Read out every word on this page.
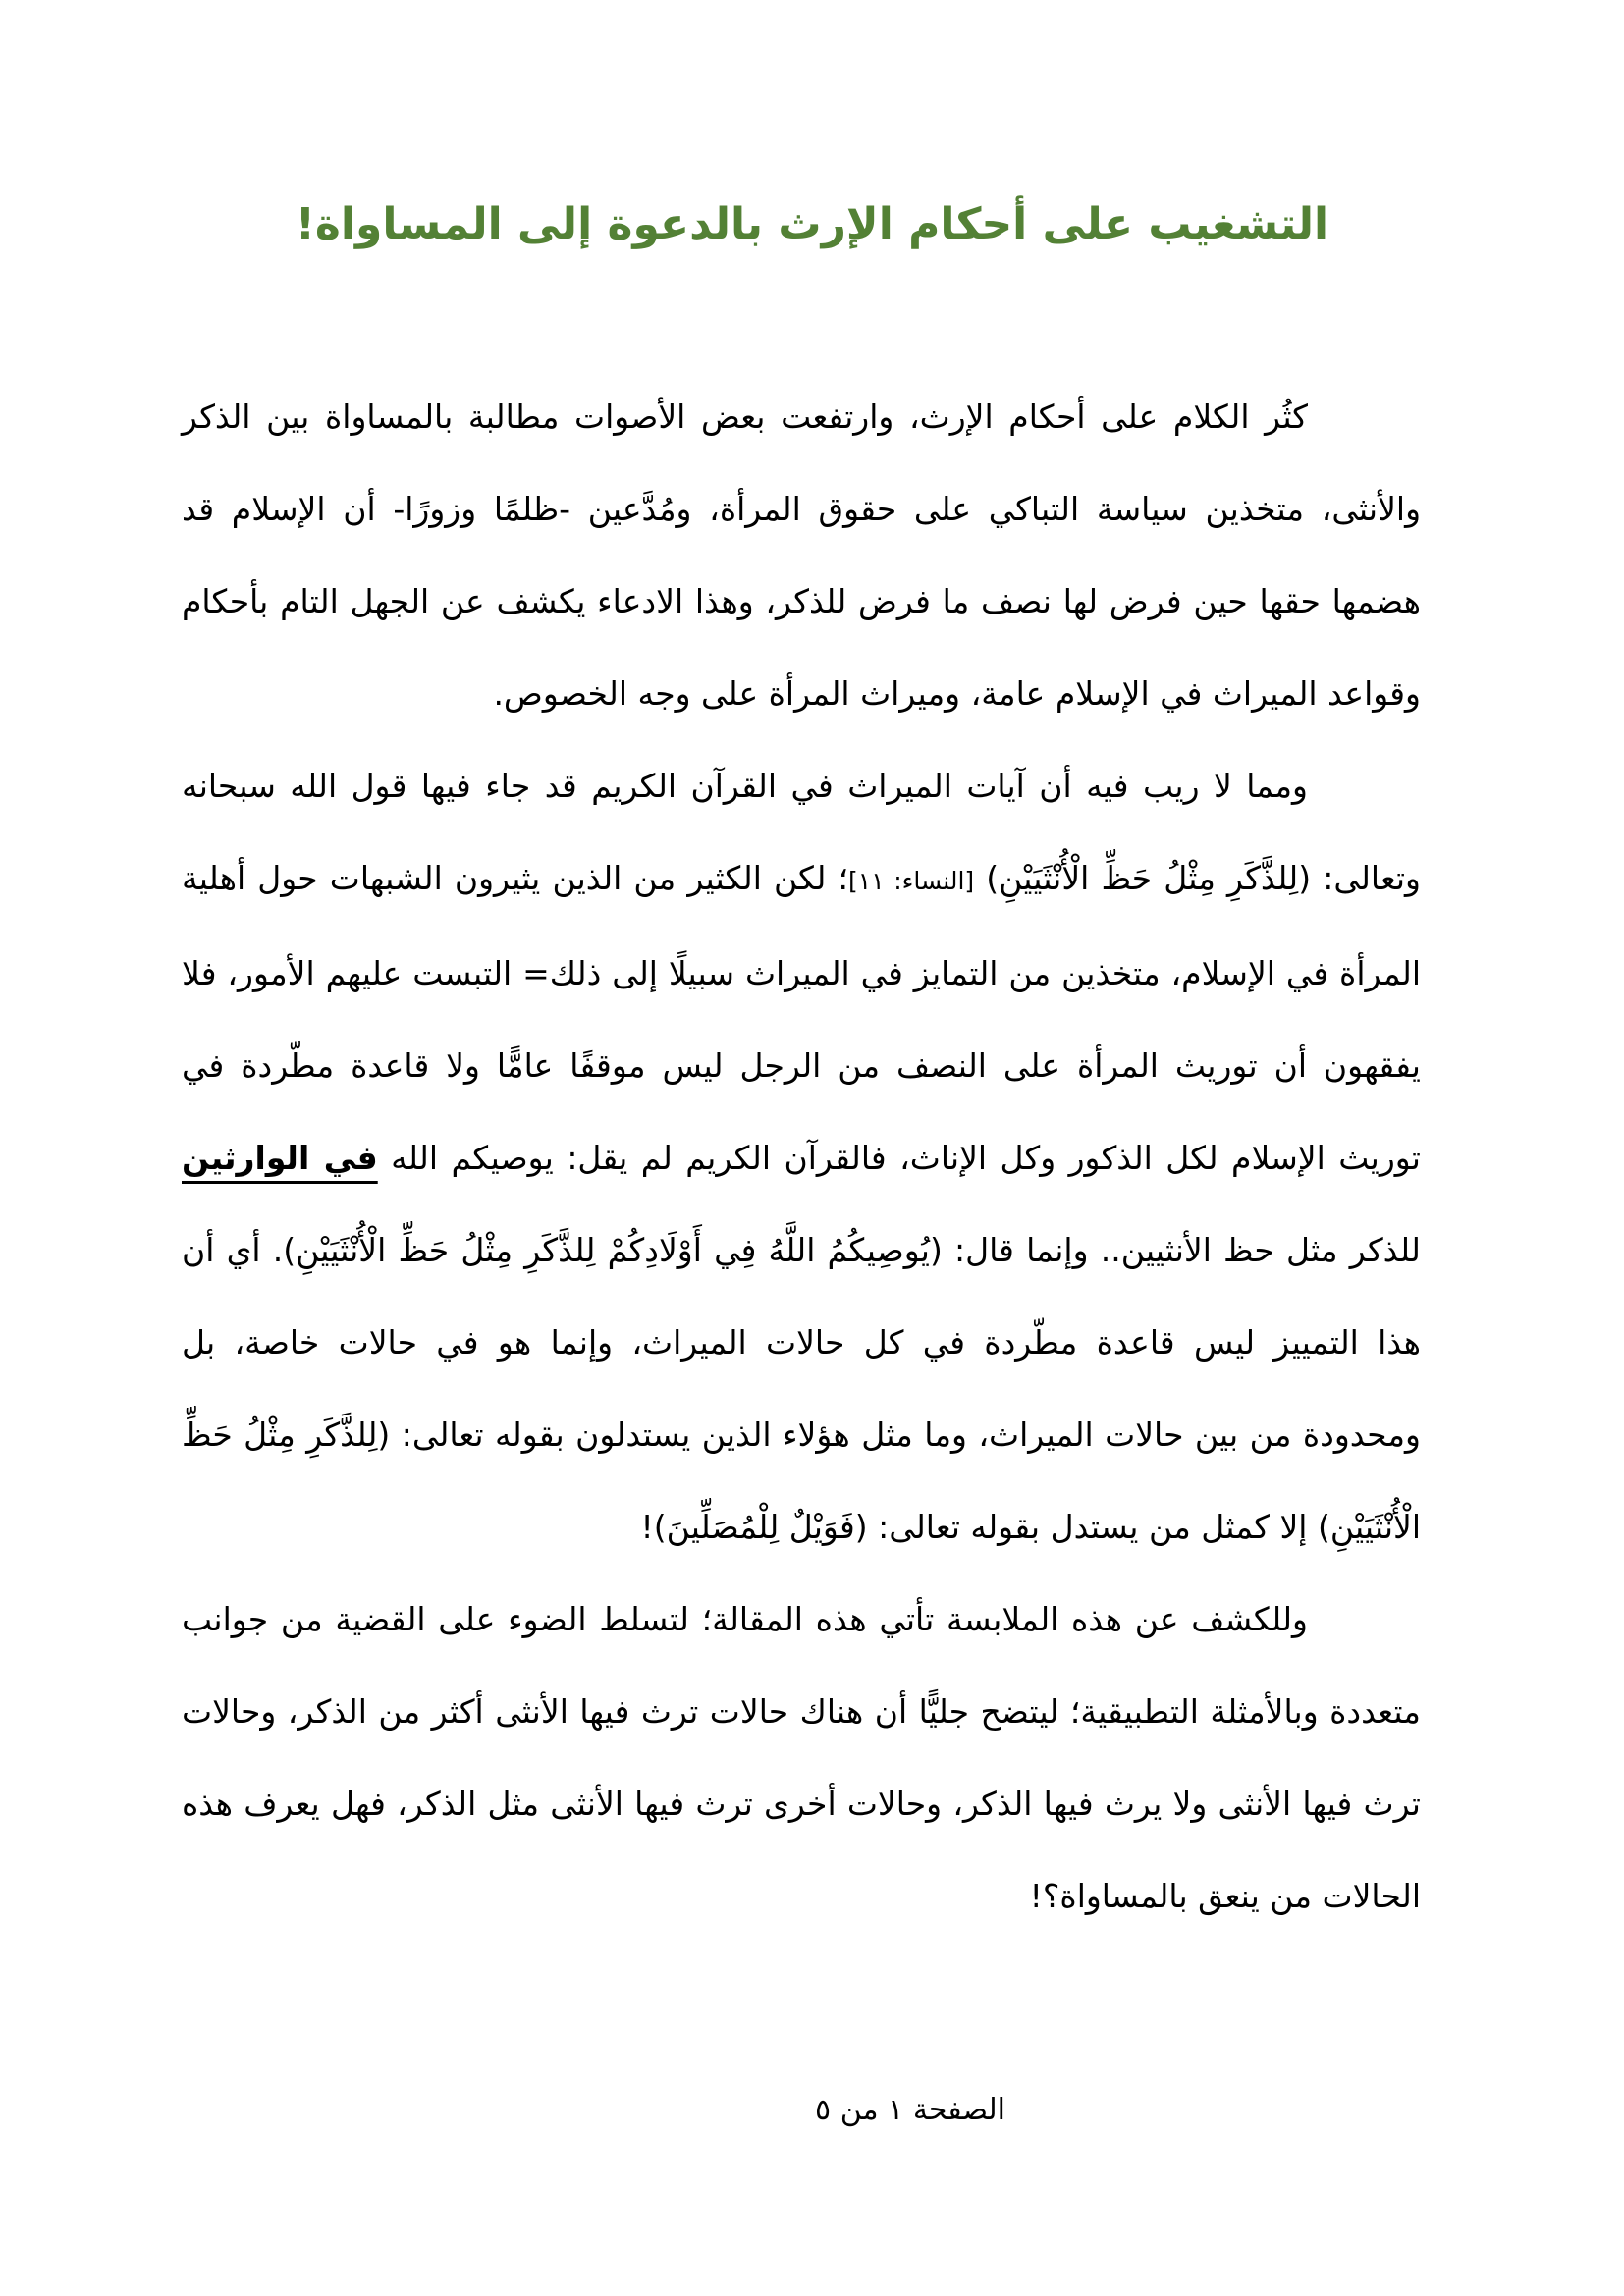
التشغيب على أحكام الإرث بالدعوة إلى المساواة!

كثُر الكلام على أحكام الإرث، وارتفعت بعض الأصوات مطالبة بالمساواة بين الذكر والأنثى، متخذين سياسة التباكي على حقوق المرأة، ومُدَّعين -ظلمًا وزورًا- أن الإسلام قد هضمها حقها حين فرض لها نصف ما فرض للذكر، وهذا الادعاء يكشف عن الجهل التام بأحكام وقواعد الميراث في الإسلام عامة، وميراث المرأة على وجه الخصوص.

ومما لا ريب فيه أن آيات الميراث في القرآن الكريم قد جاء فيها قول الله سبحانه وتعالى: (لِلذَّكَرِ مِثْلُ حَظِّ الْأُنْثَيَيْنِ) [النساء: ١١]؛ لكن الكثير من الذين يثيرون الشبهات حول أهلية المرأة في الإسلام، متخذين من التمايز في الميراث سبيلًا إلى ذلك= التبست عليهم الأمور، فلا يفقهون أن توريث المرأة على النصف من الرجل ليس موقفًا عامًّا ولا قاعدة مطّردة في توريث الإسلام لكل الذكور وكل الإناث، فالقرآن الكريم لم يقل: يوصيكم الله في الوارثين للذكر مثل حظ الأنثيين.. وإنما قال: (يُوصِيكُمُ اللَّهُ فِي أَوْلَادِكُمْ لِلذَّكَرِ مِثْلُ حَظِّ الْأُنْثَيَيْنِ). أي أن هذا التمييز ليس قاعدة مطّردة في كل حالات الميراث، وإنما هو في حالات خاصة، بل ومحدودة من بين حالات الميراث، وما مثل هؤلاء الذين يستدلون بقوله تعالى: (لِلذَّكَرِ مِثْلُ حَظِّ الْأُنْثَيَيْنِ) إلا كمثل من يستدل بقوله تعالى: (فَوَيْلٌ لِلْمُصَلِّينَ)!

وللكشف عن هذه الملابسة تأتي هذه المقالة؛ لتسلط الضوء على القضية من جوانب متعددة وبالأمثلة التطبيقية؛ ليتضح جليًّا أن هناك حالات ترث فيها الأنثى أكثر من الذكر، وحالات ترث فيها الأنثى ولا يرث فيها الذكر، وحالات أخرى ترث فيها الأنثى مثل الذكر، فهل يعرف هذه الحالات من ينعق بالمساواة؟!

الصفحة ١ من ٥
